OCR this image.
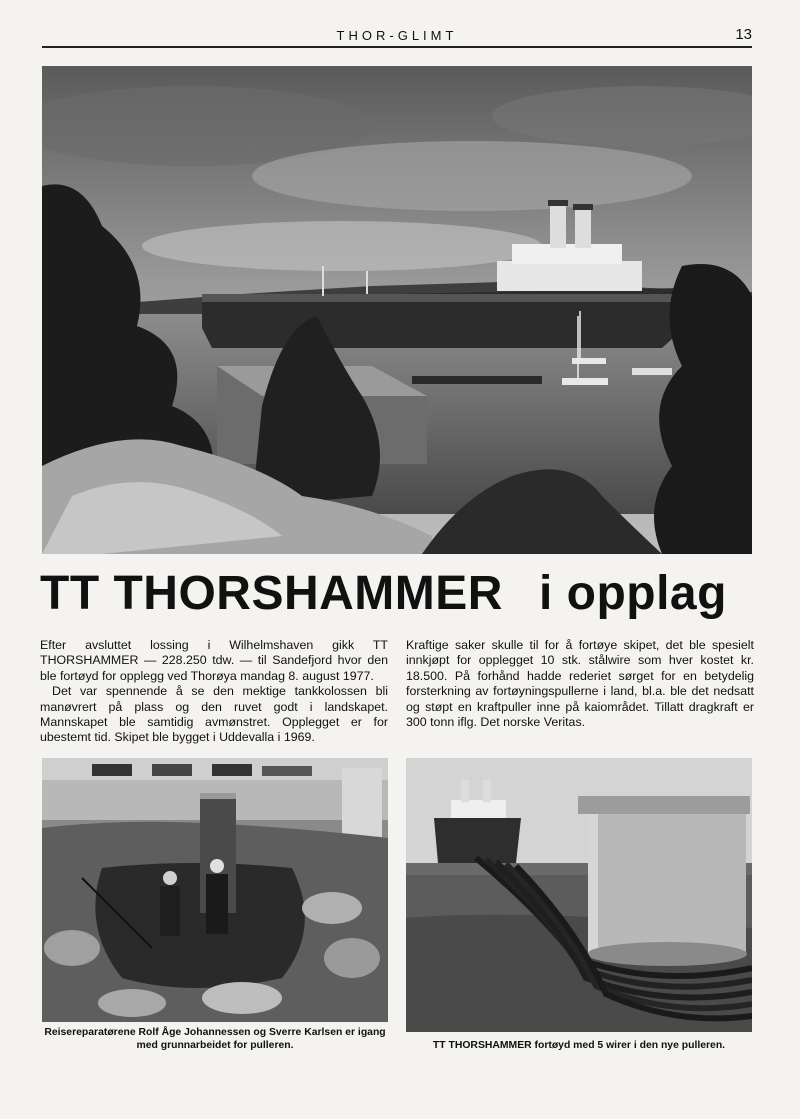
THOR-GLIMT	13
TT THORSHAMMER i opplag

Efter avsluttet lossing i Wilhelmshaven gikk TT THORSHAMMER — 228.250 tdw. — til Sandefjord hvor den ble fortøyd for opplegg ved Thorøya mandag 8. august 1977.

Det var spennende å se den mektige tankkolossen bli manøvrert på plass og den ruvet godt i landskapet. Mannskapet ble samtidig avmønstret. Opplegget er for ubestemt tid. Skipet ble bygget i Uddevalla i 1969.

Kraftige saker skulle til for å fortøye skipet, det ble spesielt innkjøpt for opplegget 10 stk. stålwire som hver kostet kr. 18.500. På forhånd hadde rederiet sørget for en betydelig forsterkning av fortøyningspullerne i land, bl.a. ble det nedsatt og støpt en kraftpuller inne på kaiområdet. Tillatt dragkraft er 300 tonn iflg. Det norske Veritas.

Reisereparatørene Rolf Åge Johannessen og Sverre Karlsen er igang med grunnarbeidet for pulleren.	TT THORSHAMMER fortøyd med 5 wirer i den nye pulleren.
